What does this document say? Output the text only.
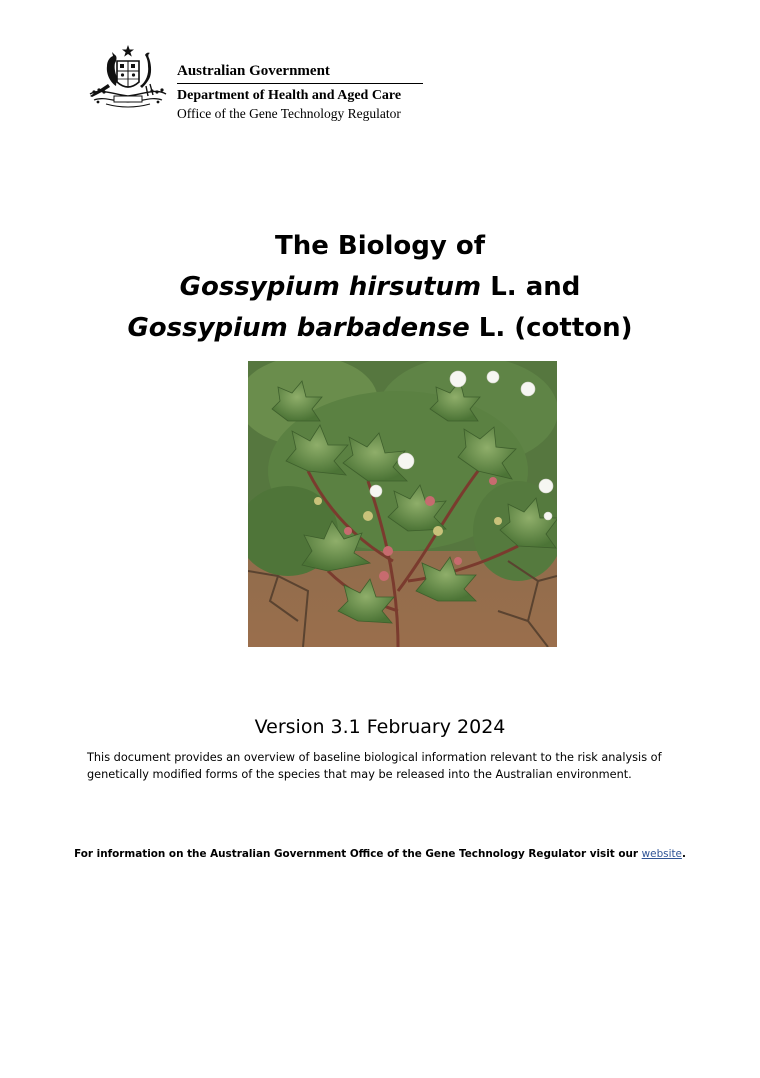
Australian Government
Department of Health and Aged Care
Office of the Gene Technology Regulator
The Biology of
Gossypium hirsutum L. and
Gossypium barbadense L. (cotton)
Version 3.1 February 2024
This document provides an overview of baseline biological information relevant to the risk analysis of genetically modified forms of the species that may be released into the Australian environment.
For information on the Australian Government Office of the Gene Technology Regulator visit our website.
